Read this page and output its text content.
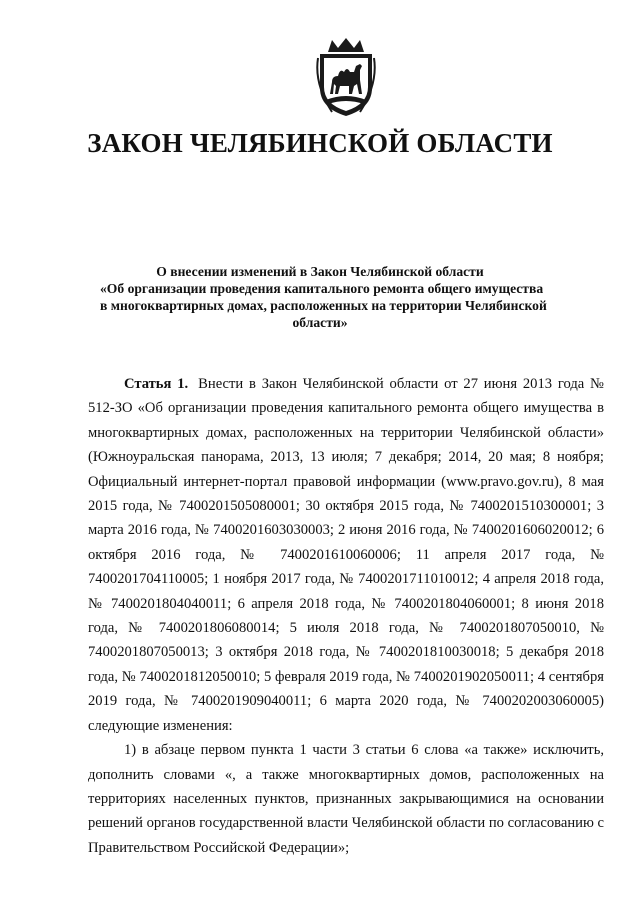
ЗАКОН ЧЕЛЯБИНСКОЙ ОБЛАСТИ
О внесении изменений в Закон Челябинской области
«Об организации проведения капитального ремонта общего имущества
в многоквартирных домах, расположенных на территории Челябинской
области»

Статья 1. Внести в Закон Челябинской области от 27 июня 2013 года № 512-ЗО «Об организации проведения капитального ремонта общего имущества в многоквартирных домах, расположенных на территории Челябинской области» (Южноуральская панорама, 2013, 13 июля; 7 декабря; 2014, 20 мая; 8 ноября; Официальный интернет-портал правовой информации (www.pravo.gov.ru), 8 мая 2015 года, № 7400201505080001; 30 октября 2015 года, № 7400201510300001; 3 марта 2016 года, № 7400201603030003; 2 июня 2016 года, № 7400201606020012; 6 октября 2016 года, № 7400201610060006; 11 апреля 2017 года, № 7400201704110005; 1 ноября 2017 года, № 7400201711010012; 4 апреля 2018 года, № 7400201804040011; 6 апреля 2018 года, № 7400201804060001; 8 июня 2018 года, № 7400201806080014; 5 июля 2018 года, № 7400201807050010, № 7400201807050013; 3 октября 2018 года, № 7400201810030018; 5 декабря 2018 года, № 7400201812050010; 5 февраля 2019 года, № 7400201902050011; 4 сентября 2019 года, № 7400201909040011; 6 марта 2020 года, № 7400202003060005) следующие изменения:

1) в абзаце первом пункта 1 части 3 статьи 6 слова «а также» исключить, дополнить словами «, а также многоквартирных домов, расположенных на территориях населенных пунктов, признанных закрывающимися на основании решений органов государственной власти Челябинской области по согласованию с Правительством Российской Федерации»;
